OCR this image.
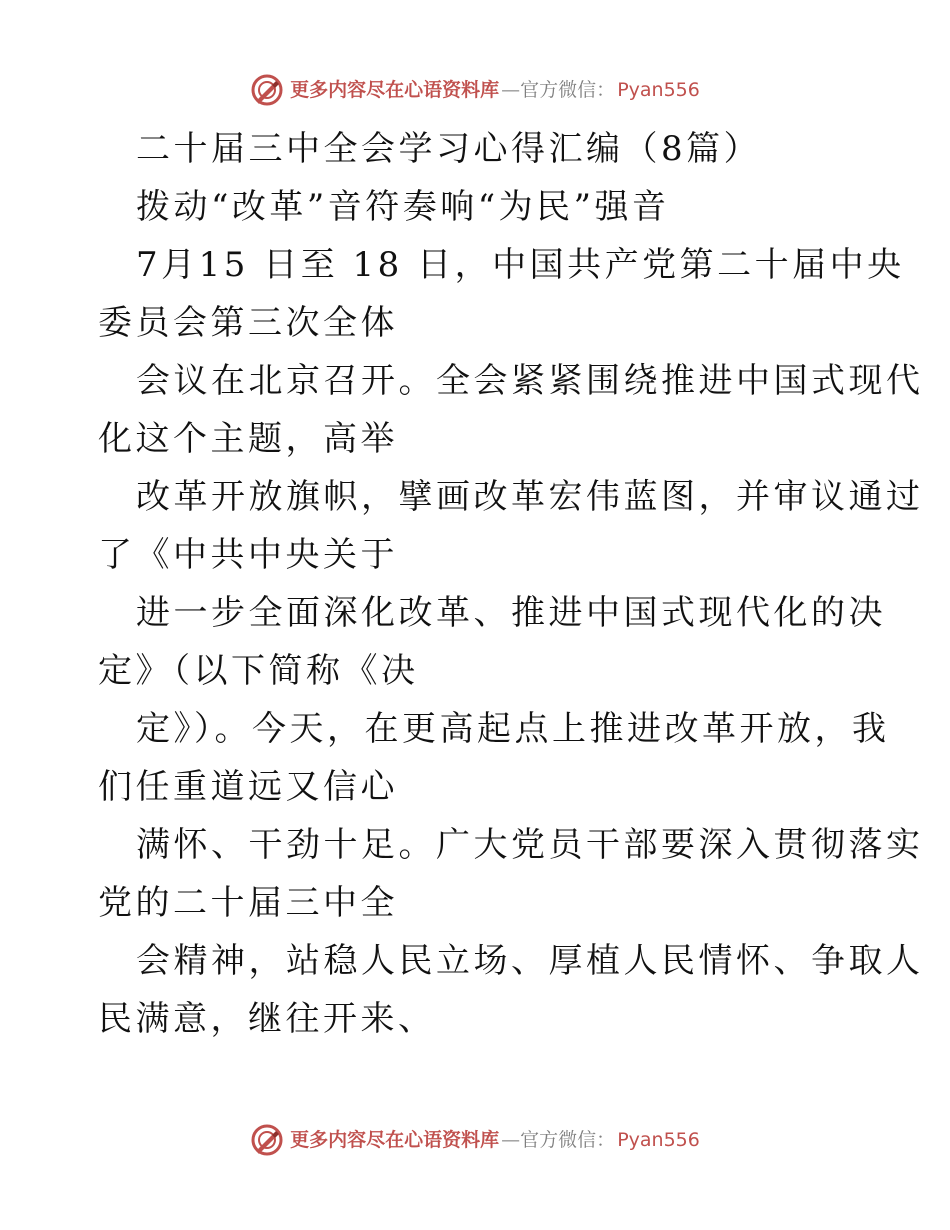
更多内容尽在心语资料库 — 官方微信： Pyan556

二十届三中全会学习心得汇编（8篇）

拨动“改革”音符奏响“为民”强音

7月15 日至 18 日，中国共产党第二十届中央

委员会第三次全体

会议在北京召开。全会紧紧围绕推进中国式现代

化这个主题，高举

改革开放旗帜，擘画改革宏伟蓝图，并审议通过

了《中共中央关于

进一步全面深化改革、推进中国式现代化的决

定》（以下简称《决

定》）。今天，在更高起点上推进改革开放，我

们任重道远又信心

满怀、干劲十足。广大党员干部要深入贯彻落实

党的二十届三中全

会精神，站稳人民立场、厚植人民情怀、争取人

民满意，继往开来、

更多内容尽在心语资料库 — 官方微信： Pyan556
